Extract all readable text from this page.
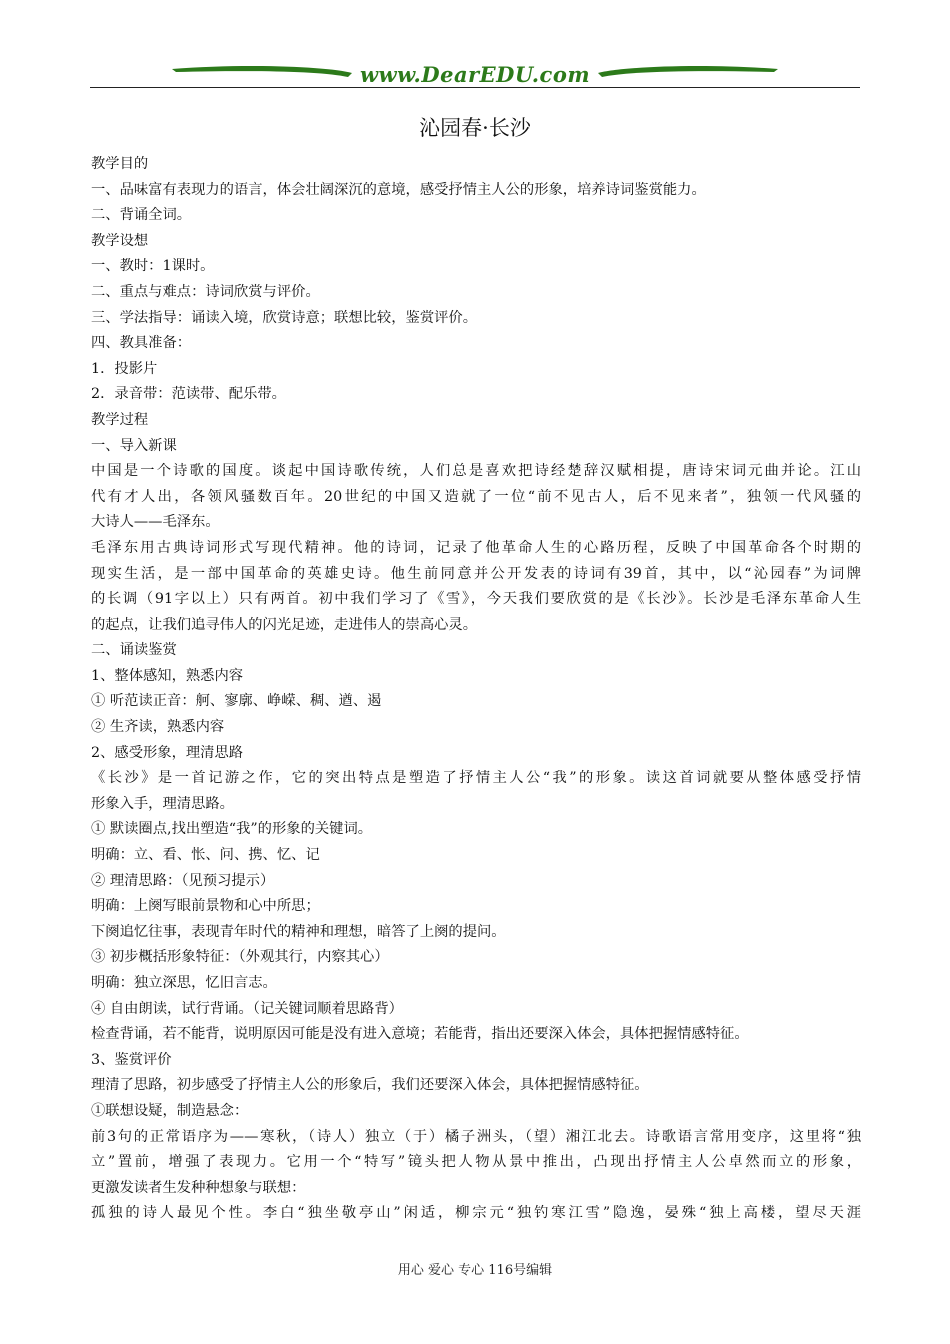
www.DearEDU.com
沁园春·长沙
教学目的
一、品味富有表现力的语言，体会壮阔深沉的意境，感受抒情主人公的形象，培养诗词鉴赏能力。
二、背诵全词。
教学设想
一、教时：1课时。
二、重点与难点：诗词欣赏与评价。
三、学法指导：诵读入境，欣赏诗意；联想比较，鉴赏评价。
四、教具准备：
1．投影片
2．录音带：范读带、配乐带。
教学过程
一、导入新课
中国是一个诗歌的国度。谈起中国诗歌传统，人们总是喜欢把诗经楚辞汉赋相提，唐诗宋词元曲并论。江山
代有才人出，各领风骚数百年。20世纪的中国又造就了一位“前不见古人，后不见来者”，独领一代风骚的
大诗人——毛泽东。
毛泽东用古典诗词形式写现代精神。他的诗词，记录了他革命人生的心路历程，反映了中国革命各个时期的
现实生活，是一部中国革命的英雄史诗。他生前同意并公开发表的诗词有39首，其中，以“沁园春”为词牌
的长调（91字以上）只有两首。初中我们学习了《雪》，今天我们要欣赏的是《长沙》。长沙是毛泽东革命人生
的起点，让我们追寻伟人的闪光足迹，走进伟人的崇高心灵。
二、诵读鉴赏
1、整体感知，熟悉内容
① 听范读正音：舸、寥廓、峥嵘、稠、遒、遏
② 生齐读，熟悉内容
2、感受形象，理清思路
《长沙》是一首记游之作，它的突出特点是塑造了抒情主人公“我”的形象。读这首词就要从整体感受抒情
形象入手，理清思路。
① 默读圈点,找出塑造“我”的形象的关键词。
明确：立、看、怅、问、携、忆、记
② 理清思路：（见预习提示）
明确：上阕写眼前景物和心中所思；
下阕追忆往事，表现青年时代的精神和理想，暗答了上阕的提问。
③ 初步概括形象特征：（外观其行，内察其心）
明确：独立深思，忆旧言志。
④ 自由朗读，试行背诵。（记关键词顺着思路背）
检查背诵，若不能背，说明原因可能是没有进入意境；若能背，指出还要深入体会，具体把握情感特征。
3、鉴赏评价
理清了思路，初步感受了抒情主人公的形象后，我们还要深入体会，具体把握情感特征。
①联想设疑，制造悬念：
前3句的正常语序为——寒秋，（诗人）独立（于）橘子洲头，（望）湘江北去。诗歌语言常用变序，这里将“独
立”置前，增强了表现力。它用一个“特写”镜头把人物从景中推出，凸现出抒情主人公卓然而立的形象，
更激发读者生发种种想象与联想：
孤独的诗人最见个性。李白“独坐敬亭山”闲适，柳宗元“独钓寒江雪”隐逸，晏殊“独上高楼，望尽天涯
用心 爱心 专心 116号编辑
